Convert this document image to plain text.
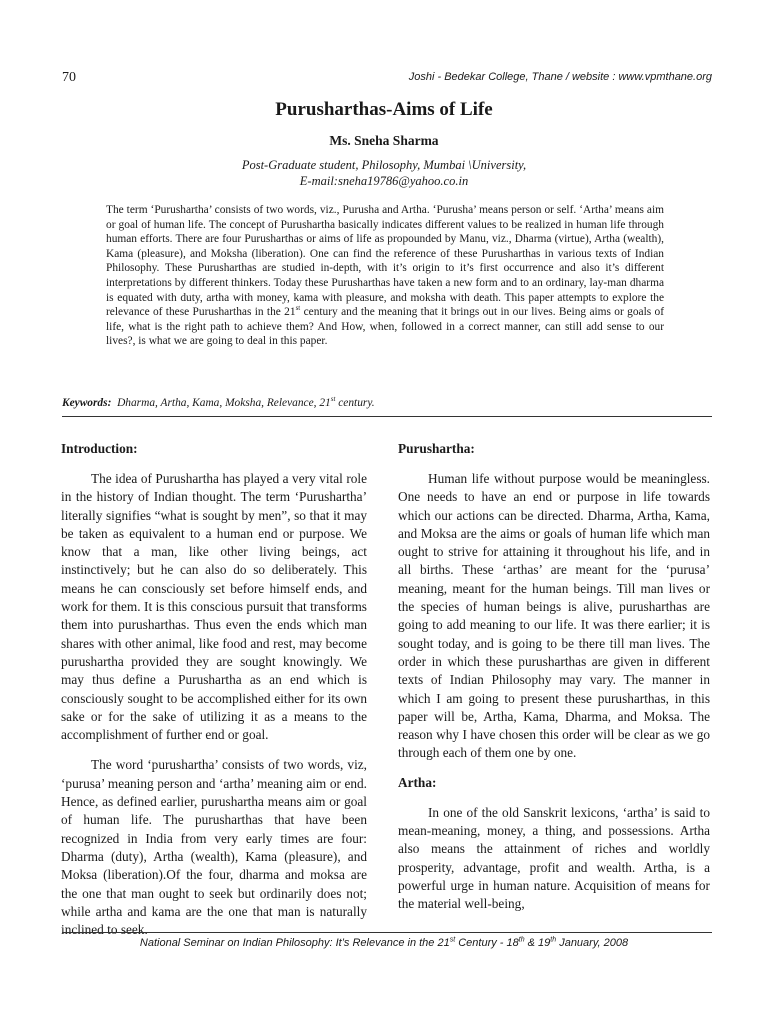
70	Joshi - Bedekar College, Thane / website : www.vpmthane.org
Purusharthas-Aims of Life
Ms. Sneha Sharma
Post-Graduate student, Philosophy, Mumbai \University,
E-mail:sneha19786@yahoo.co.in
The term ‘Purushartha’ consists of two words, viz., Purusha and Artha. ‘Purusha’ means person or self. ‘Artha’ means aim or goal of human life. The concept of Purushartha basically indicates different values to be realized in human life through human efforts. There are four Purusharthas or aims of life as propounded by Manu, viz., Dharma (virtue), Artha (wealth), Kama (pleasure), and Moksha (liberation). One can find the reference of these Purusharthas in various texts of Indian Philosophy. These Purusharthas are studied in-depth, with it’s origin to it’s first occurrence and also it’s different interpretations by different thinkers. Today these Purusharthas have taken a new form and to an ordinary, lay-man dharma is equated with duty, artha with money, kama with pleasure, and moksha with death. This paper attempts to explore the relevance of these Purusharthas in the 21st century and the meaning that it brings out in our lives. Being aims or goals of life, what is the right path to achieve them? And How, when, followed in a correct manner, can still add sense to our lives?, is what we are going to deal in this paper.
Keywords: Dharma, Artha, Kama, Moksha, Relevance, 21st century.
Introduction:

The idea of Purushartha has played a very vital role in the history of Indian thought. The term ‘Purushartha’ literally signifies “what is sought by men”, so that it may be taken as equivalent to a human end or purpose. We know that a man, like other living beings, act instinctively; but he can also do so deliberately. This means he can consciously set before himself ends, and work for them. It is this conscious pursuit that transforms them into purusharthas. Thus even the ends which man shares with other animal, like food and rest, may become purushartha provided they are sought knowingly. We may thus define a Purushartha as an end which is consciously sought to be accomplished either for its own sake or for the sake of utilizing it as a means to the accomplishment of further end or goal.

The word ‘purushartha’ consists of two words, viz, ‘purusa’ meaning person and ‘artha’ meaning aim or end. Hence, as defined earlier, purushartha means aim or goal of human life. The purusharthas that have been recognized in India from very early times are four: Dharma (duty), Artha (wealth), Kama (pleasure), and Moksa (liberation).Of the four, dharma and moksa are the one that man ought to seek but ordinarily does not; while artha and kama are the one that man is naturally inclined to seek.

Purushartha:

Human life without purpose would be meaningless. One needs to have an end or purpose in life towards which our actions can be directed. Dharma, Artha, Kama, and Moksa are the aims or goals of human life which man ought to strive for attaining it throughout his life, and in all births. These ‘arthas’ are meant for the ‘purusa’ meaning, meant for the human beings. Till man lives or the species of human beings is alive, purusharthas are going to add meaning to our life. It was there earlier; it is sought today, and is going to be there till man lives. The order in which these purusharthas are given in different texts of Indian Philosophy may vary. The manner in which I am going to present these purusharthas, in this paper will be, Artha, Kama, Dharma, and Moksa. The reason why I have chosen this order will be clear as we go through each of them one by one.

Artha:

In one of the old Sanskrit lexicons, ‘artha’ is said to mean-meaning, money, a thing, and possessions. Artha also means the attainment of riches and worldly prosperity, advantage, profit and wealth. Artha, is a powerful urge in human nature. Acquisition of means for the material well-being,

National Seminar on Indian Philosophy: It’s Relevance in the 21st Century - 18th & 19th January, 2008
